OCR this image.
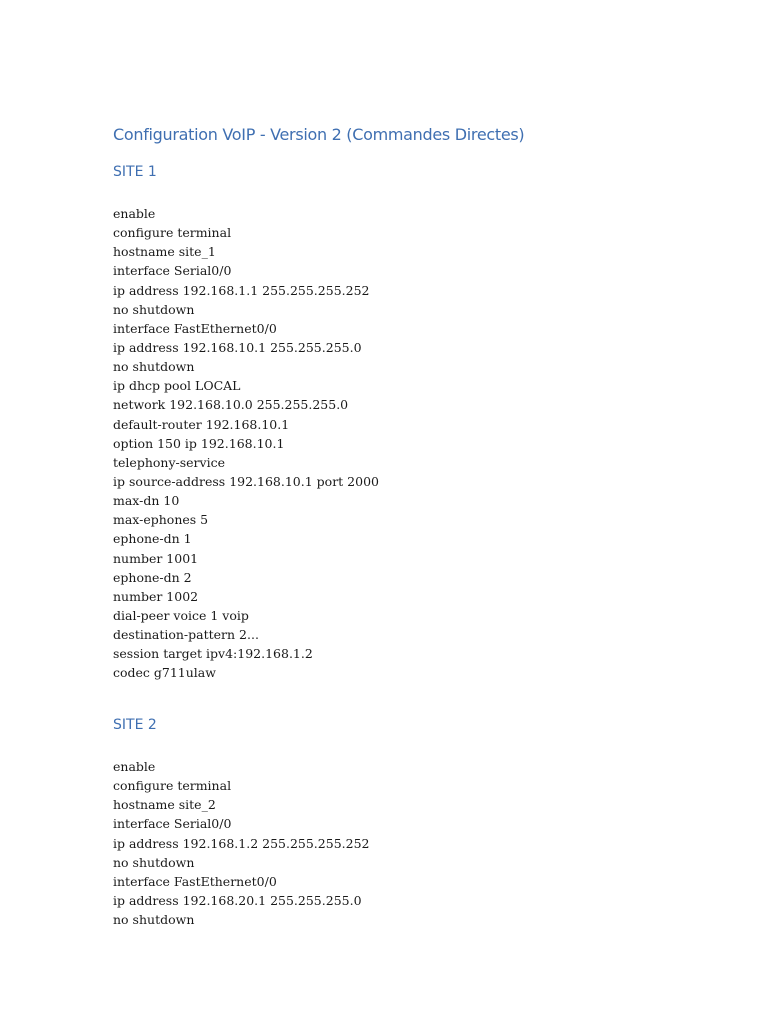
Configuration VoIP - Version 2 (Commandes Directes)
SITE 1
enable
configure terminal
hostname site_1
interface Serial0/0
ip address 192.168.1.1 255.255.255.252
no shutdown
interface FastEthernet0/0
ip address 192.168.10.1 255.255.255.0
no shutdown
ip dhcp pool LOCAL
network 192.168.10.0 255.255.255.0
default-router 192.168.10.1
option 150 ip 192.168.10.1
telephony-service
ip source-address 192.168.10.1 port 2000
max-dn 10
max-ephones 5
ephone-dn 1
number 1001
ephone-dn 2
number 1002
dial-peer voice 1 voip
destination-pattern 2...
session target ipv4:192.168.1.2
codec g711ulaw
SITE 2
enable
configure terminal
hostname site_2
interface Serial0/0
ip address 192.168.1.2 255.255.255.252
no shutdown
interface FastEthernet0/0
ip address 192.168.20.1 255.255.255.0
no shutdown
